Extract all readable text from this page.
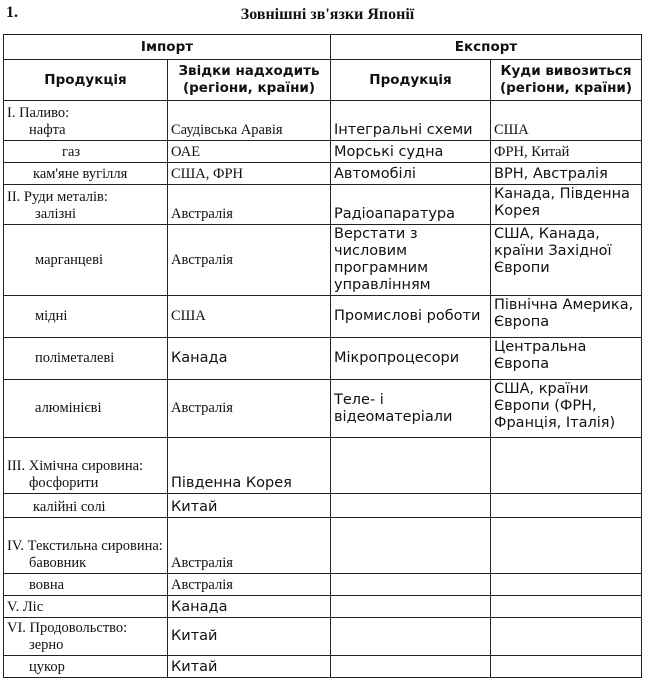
1.	Зовнішні зв'язки Японії
Імпорт		Експорт	
Продукція	Звідки надходить (регіони, країни)	Продукція	Куди вивозиться (регіони, країни)

І. Паливо:
нафта	Саудівська Аравія	Інтегральні схеми	США

газ	ОАЕ	Морські судна	ФРН, Китай

кам'яне вугілля	США, ФРН	Автомобілі	ВРН, Австралія

ІІ. Руди металів:
залізні	Австралія	Радіоапаратура	Канада, Південна Корея

марганцеві	Австралія	Верстати з числовим програмним управлінням	США, Канада, країни Західної Європи

мідні	США	Промислові роботи	Північна Америка, Європа

поліметалеві	Канада	Мікропроцесори	Центральна Європа

алюмінієві	Австралія	Теле- і відеоматеріали	США, країни Європи (ФРН, Франція, Італія)

ІІІ. Хімічна сировина:
фосфорити	Південна Корея		

калійні солі	Китай		

IV. Текстильна сировина:
бавовник	Австралія		

вовна	Австралія		

V. Ліс	Канада		

VI. Продовольство:
зерно	Китай		

цукор	Китай		
